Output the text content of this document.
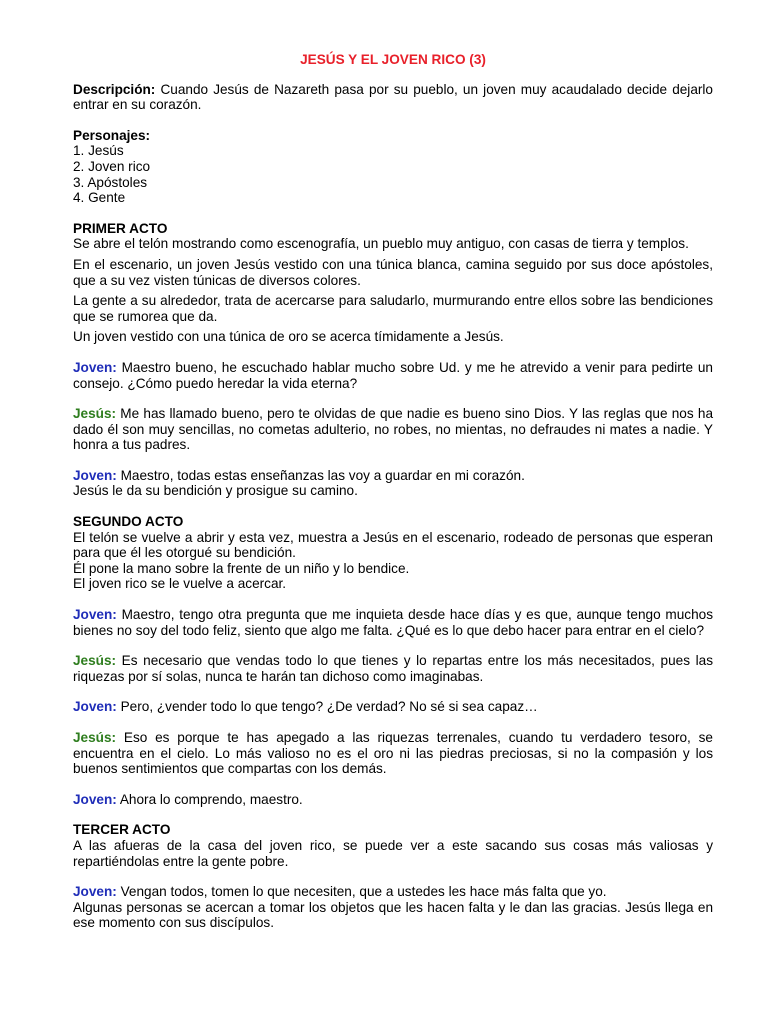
JESÚS Y EL JOVEN RICO (3)

Descripción: Cuando Jesús de Nazareth pasa por su pueblo, un joven muy acaudalado decide dejarlo entrar en su corazón.

Personajes:
1. Jesús
2. Joven rico
3. Apóstoles
4. Gente
PRIMER ACTO

Se abre el telón mostrando como escenografía, un pueblo muy antiguo, con casas de tierra y templos.

En el escenario, un joven Jesús vestido con una túnica blanca, camina seguido por sus doce apóstoles, que a su vez visten túnicas de diversos colores.

La gente a su alrededor, trata de acercarse para saludarlo, murmurando entre ellos sobre las bendiciones que se rumorea que da.

Un joven vestido con una túnica de oro se acerca tímidamente a Jesús.

Joven: Maestro bueno, he escuchado hablar mucho sobre Ud. y me he atrevido a venir para pedirte un consejo. ¿Cómo puedo heredar la vida eterna?

Jesús: Me has llamado bueno, pero te olvidas de que nadie es bueno sino Dios. Y las reglas que nos ha dado él son muy sencillas, no cometas adulterio, no robes, no mientas, no defraudes ni mates a nadie. Y honra a tus padres.

Joven: Maestro, todas estas enseñanzas las voy a guardar en mi corazón.

Jesús le da su bendición y prosigue su camino.

SEGUNDO ACTO

El telón se vuelve a abrir y esta vez, muestra a Jesús en el escenario, rodeado de personas que esperan para que él les otorgué su bendición.

Él pone la mano sobre la frente de un niño y lo bendice.

El joven rico se le vuelve a acercar.

Joven: Maestro, tengo otra pregunta que me inquieta desde hace días y es que, aunque tengo muchos bienes no soy del todo feliz, siento que algo me falta. ¿Qué es lo que debo hacer para entrar en el cielo?

Jesús: Es necesario que vendas todo lo que tienes y lo repartas entre los más necesitados, pues las riquezas por sí solas, nunca te harán tan dichoso como imaginabas.

Joven: Pero, ¿vender todo lo que tengo? ¿De verdad? No sé si sea capaz…

Jesús: Eso es porque te has apegado a las riquezas terrenales, cuando tu verdadero tesoro, se encuentra en el cielo. Lo más valioso no es el oro ni las piedras preciosas, si no la compasión y los buenos sentimientos que compartas con los demás.

Joven: Ahora lo comprendo, maestro.

TERCER ACTO

A las afueras de la casa del joven rico, se puede ver a este sacando sus cosas más valiosas y repartiéndolas entre la gente pobre.

Joven: Vengan todos, tomen lo que necesiten, que a ustedes les hace más falta que yo.

Algunas personas se acercan a tomar los objetos que les hacen falta y le dan las gracias. Jesús llega en ese momento con sus discípulos.
